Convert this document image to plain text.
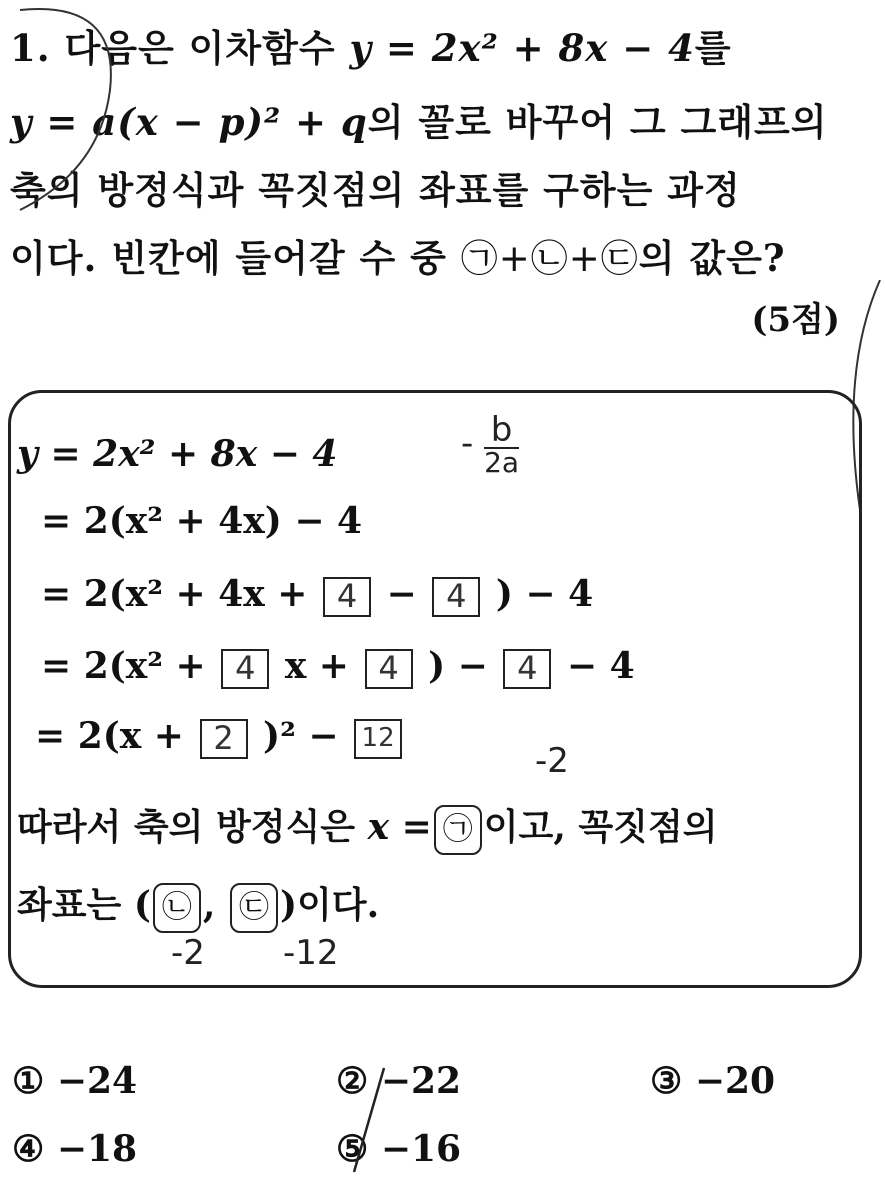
1. 다음은 이차함수 y = 2x² + 8x − 4를
y = a(x − p)² + q의 꼴로 바꾸어 그 그래프의
축의 방정식과 꼭짓점의 좌표를 구하는 과정
이다. 빈칸에 들어갈 수 중 ㉠+㉡+㉢의 값은?
(5점)
y = 2x² + 8x − 4	- b
2a
= 2(x² + 4x) − 4
= 2(x² + 4x + 4 − 4 ) − 4
= 2(x² + 4 x + 4 ) − 4 − 4
= 2(x + 2 )² − 12
-2
따라서 축의 방정식은 x = ㉠ 이고, 꼭짓점의
좌표는 ( ㉡ , ㉢ )이다.
-2 -12
① −24	② −22	③ −20
④ −18	⑤ −16
